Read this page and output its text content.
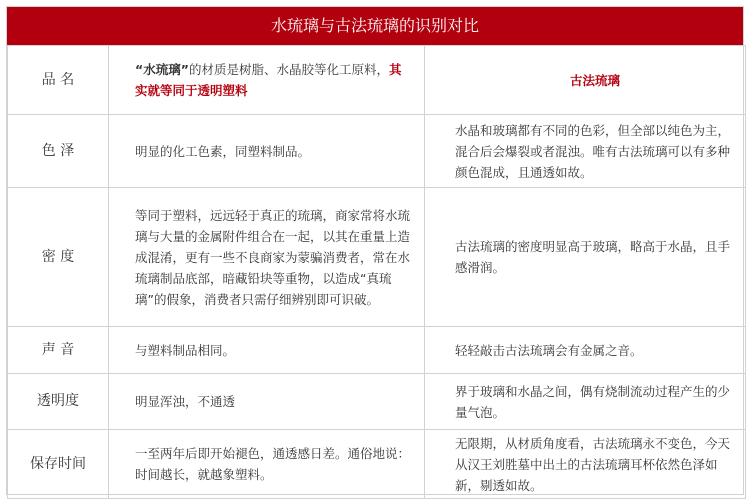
水琉璃与古法琉璃的识别对比
品 名	“水琉璃”的材质是树脂、水晶胶等化工原料，其实就等同于透明塑料	古法琉璃
色 泽	明显的化工色素，同塑料制品。	水晶和玻璃都有不同的色彩，但全部以纯色为主，混合后会爆裂或者混浊。唯有古法琉璃可以有多种颜色混成，且通透如故。
密 度	等同于塑料，远远轻于真正的琉璃，商家常将水琉璃与大量的金属附件组合在一起，以其在重量上造成混淆，更有一些不良商家为蒙骗消费者，常在水琉璃制品底部，暗藏铅块等重物，以造成“真琉璃”的假象，消费者只需仔细辨别即可识破。	古法琉璃的密度明显高于玻璃，略高于水晶，且手感滑润。
声 音	与塑料制品相同。	轻轻敲击古法琉璃会有金属之音。
透明度	明显浑浊，不通透	界于玻璃和水晶之间，偶有烧制流动过程产生的少量气泡。
保存时间	一至两年后即开始褪色，通透感日差。通俗地说：时间越长，就越象塑料。	无限期，从材质角度看，古法琉璃永不变色，今天从汉王刘胜墓中出土的古法琉璃耳杯依然色泽如新，剔透如故。
